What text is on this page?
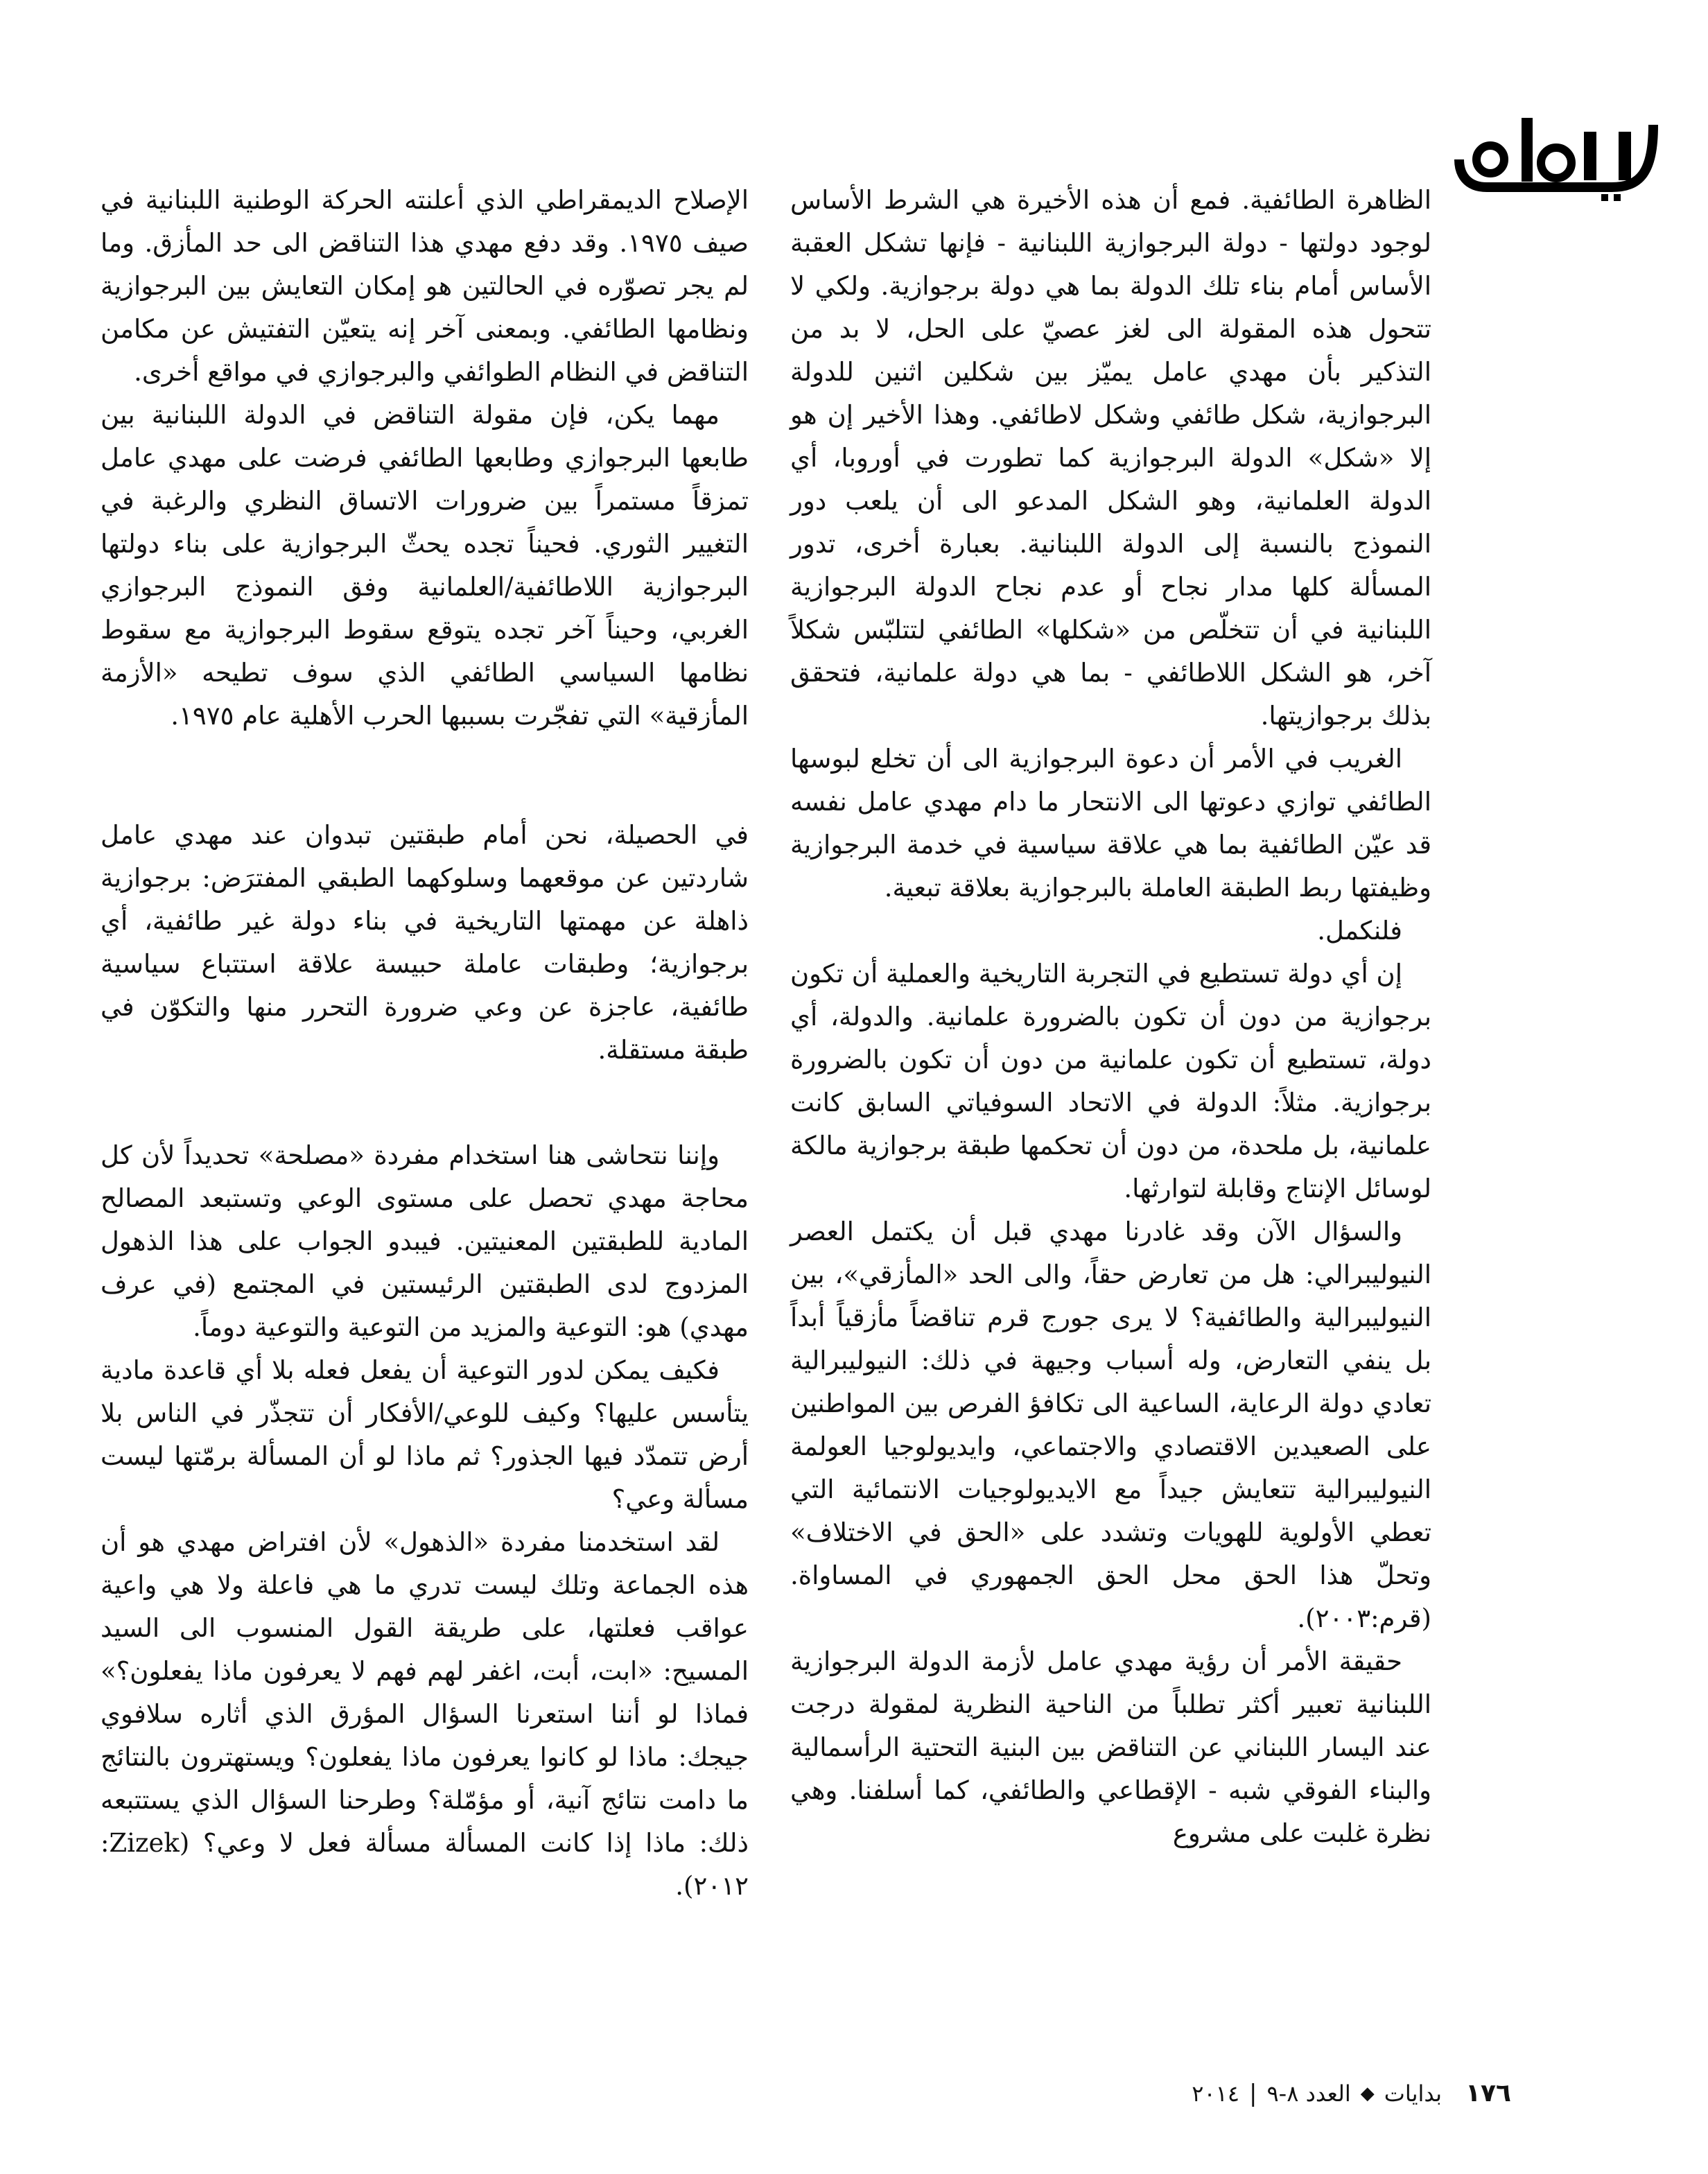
الظاهرة الطائفية. فمع أن هذه الأخيرة هي الشرط الأساس لوجود دولتها - دولة البرجوازية اللبنانية - فإنها تشكل العقبة الأساس أمام بناء تلك الدولة بما هي دولة برجوازية. ولكي لا تتحول هذه المقولة الى لغز عصيّ على الحل، لا بد من التذكير بأن مهدي عامل يميّز بين شكلين اثنين للدولة البرجوازية، شكل طائفي وشكل لاطائفي. وهذا الأخير إن هو إلا «شكل» الدولة البرجوازية كما تطورت في أوروبا، أي الدولة العلمانية، وهو الشكل المدعو الى أن يلعب دور النموذج بالنسبة إلى الدولة اللبنانية. بعبارة أخرى، تدور المسألة كلها مدار نجاح أو عدم نجاح الدولة البرجوازية اللبنانية في أن تتخلّص من «شكلها» الطائفي لتتلبّس شكلاً آخر، هو الشكل اللاطائفي - بما هي دولة علمانية، فتحقق بذلك برجوازيتها.

الغريب في الأمر أن دعوة البرجوازية الى أن تخلع لبوسها الطائفي توازي دعوتها الى الانتحار ما دام مهدي عامل نفسه قد عيّن الطائفية بما هي علاقة سياسية في خدمة البرجوازية وظيفتها ربط الطبقة العاملة بالبرجوازية بعلاقة تبعية.

فلنكمل.

إن أي دولة تستطيع في التجربة التاريخية والعملية أن تكون برجوازية من دون أن تكون بالضرورة علمانية. والدولة، أي دولة، تستطيع أن تكون علمانية من دون أن تكون بالضرورة برجوازية. مثلاً: الدولة في الاتحاد السوفياتي السابق كانت علمانية، بل ملحدة، من دون أن تحكمها طبقة برجوازية مالكة لوسائل الإنتاج وقابلة لتوارثها.

والسؤال الآن وقد غادرنا مهدي قبل أن يكتمل العصر النيوليبرالي: هل من تعارض حقاً، والى الحد «المأزقي»، بين النيوليبرالية والطائفية؟ لا يرى جورج قرم تناقضاً مأزقياً أبداً بل ينفي التعارض، وله أسباب وجيهة في ذلك: النيوليبرالية تعادي دولة الرعاية، الساعية الى تكافؤ الفرص بين المواطنين على الصعيدين الاقتصادي والاجتماعي، وايديولوجيا العولمة النيوليبرالية تتعايش جيداً مع الايديولوجيات الانتمائية التي تعطي الأولوية للهويات وتشدد على «الحق في الاختلاف» وتحلّ هذا الحق محل الحق الجمهوري في المساواة. (قرم:٢٠٠٣).

حقيقة الأمر أن رؤية مهدي عامل لأزمة الدولة البرجوازية اللبنانية تعبير أكثر تطلباً من الناحية النظرية لمقولة درجت عند اليسار اللبناني عن التناقض بين البنية التحتية الرأسمالية والبناء الفوقي شبه - الإقطاعي والطائفي، كما أسلفنا. وهي نظرة غلبت على مشروع

الإصلاح الديمقراطي الذي أعلنته الحركة الوطنية اللبنانية في صيف ١٩٧٥. وقد دفع مهدي هذا التناقض الى حد المأزق. وما لم يجر تصوّره في الحالتين هو إمكان التعايش بين البرجوازية ونظامها الطائفي. وبمعنى آخر إنه يتعيّن التفتيش عن مكامن التناقض في النظام الطوائفي والبرجوازي في مواقع أخرى.

مهما يكن، فإن مقولة التناقض في الدولة اللبنانية بين طابعها البرجوازي وطابعها الطائفي فرضت على مهدي عامل تمزقاً مستمراً بين ضرورات الاتساق النظري والرغبة في التغيير الثوري. فحيناً تجده يحثّ البرجوازية على بناء دولتها البرجوازية اللاطائفية/العلمانية وفق النموذج البرجوازي الغربي، وحيناً آخر تجده يتوقع سقوط البرجوازية مع سقوط نظامها السياسي الطائفي الذي سوف تطيحه «الأزمة المأزقية» التي تفجّرت بسببها الحرب الأهلية عام ١٩٧٥.

في الحصيلة، نحن أمام طبقتين تبدوان عند مهدي عامل شاردتين عن موقعهما وسلوكهما الطبقي المفترَض: برجوازية ذاهلة عن مهمتها التاريخية في بناء دولة غير طائفية، أي برجوازية؛ وطبقات عاملة حبيسة علاقة استتباع سياسية طائفية، عاجزة عن وعي ضرورة التحرر منها والتكوّن في طبقة مستقلة.

وإننا نتحاشى هنا استخدام مفردة «مصلحة» تحديداً لأن كل محاجة مهدي تحصل على مستوى الوعي وتستبعد المصالح المادية للطبقتين المعنيتين. فيبدو الجواب على هذا الذهول المزدوج لدى الطبقتين الرئيستين في المجتمع (في عرف مهدي) هو: التوعية والمزيد من التوعية والتوعية دوماً.

فكيف يمكن لدور التوعية أن يفعل فعله بلا أي قاعدة مادية يتأسس عليها؟ وكيف للوعي/الأفكار أن تتجذّر في الناس بلا أرض تتمدّد فيها الجذور؟ ثم ماذا لو أن المسألة برمّتها ليست مسألة وعي؟

لقد استخدمنا مفردة «الذهول» لأن افتراض مهدي هو أن هذه الجماعة وتلك ليست تدري ما هي فاعلة ولا هي واعية عواقب فعلتها، على طريقة القول المنسوب الى السيد المسيح: «ابت، أبت، اغفر لهم فهم لا يعرفون ماذا يفعلون؟» فماذا لو أننا استعرنا السؤال المؤرق الذي أثاره سلافوي جيجك: ماذا لو كانوا يعرفون ماذا يفعلون؟ ويستهترون بالنتائج ما دامت نتائج آنية، أو مؤمّلة؟ وطرحنا السؤال الذي يستتبعه ذلك: ماذا إذا كانت المسألة مسألة فعل لا وعي؟ (Zizek: ٢٠١٢).

١٧٦
بدايات
◆
العدد ٨-٩
|
٢٠١٤
